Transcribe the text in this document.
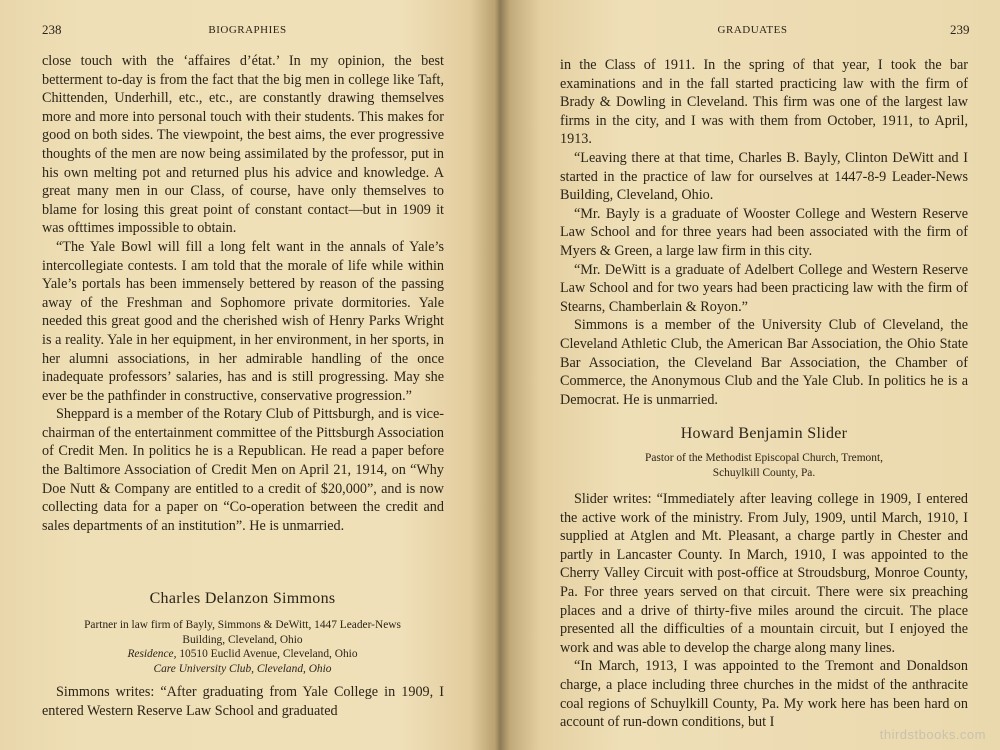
238	BIOGRAPHIES

close touch with the ‘affaires d’état.’ In my opinion, the best betterment to-day is from the fact that the big men in college like Taft, Chittenden, Underhill, etc., etc., are constantly drawing themselves more and more into personal touch with their students. This makes for good on both sides. The viewpoint, the best aims, the ever progressive thoughts of the men are now being assimilated by the professor, put in his own melting pot and returned plus his advice and knowledge. A great many men in our Class, of course, have only themselves to blame for losing this great point of constant contact—but in 1909 it was ofttimes impossible to obtain.

“The Yale Bowl will fill a long felt want in the annals of Yale’s intercollegiate contests. I am told that the morale of life while within Yale’s portals has been immensely bettered by reason of the passing away of the Freshman and Sophomore private dormitories. Yale needed this great good and the cherished wish of Henry Parks Wright is a reality. Yale in her equipment, in her environment, in her sports, in her alumni associations, in her admirable handling of the once inadequate professors’ salaries, has and is still progressing. May she ever be the pathfinder in constructive, conservative progression.”

Sheppard is a member of the Rotary Club of Pittsburgh, and is vice-chairman of the entertainment committee of the Pittsburgh Association of Credit Men. In politics he is a Republican. He read a paper before the Baltimore Association of Credit Men on April 21, 1914, on “Why Doe Nutt & Company are entitled to a credit of $20,000”, and is now collecting data for a paper on “Co-operation between the credit and sales departments of an institution”. He is unmarried.

Charles Delanzon Simmons

Partner in law firm of Bayly, Simmons & DeWitt, 1447 Leader-News

Building, Cleveland, Ohio

Residence, 10510 Euclid Avenue, Cleveland, Ohio

Care University Club, Cleveland, Ohio

Simmons writes: “After graduating from Yale College in 1909, I entered Western Reserve Law School and graduated

GRADUATES	239

in the Class of 1911. In the spring of that year, I took the bar examinations and in the fall started practicing law with the firm of Brady & Dowling in Cleveland. This firm was one of the largest law firms in the city, and I was with them from October, 1911, to April, 1913.

“Leaving there at that time, Charles B. Bayly, Clinton DeWitt and I started in the practice of law for ourselves at 1447-8-9 Leader-News Building, Cleveland, Ohio.

“Mr. Bayly is a graduate of Wooster College and Western Reserve Law School and for three years had been associated with the firm of Myers & Green, a large law firm in this city.

“Mr. DeWitt is a graduate of Adelbert College and Western Reserve Law School and for two years had been practicing law with the firm of Stearns, Chamberlain & Royon.”

Simmons is a member of the University Club of Cleveland, the Cleveland Athletic Club, the American Bar Association, the Ohio State Bar Association, the Cleveland Bar Association, the Chamber of Commerce, the Anonymous Club and the Yale Club. In politics he is a Democrat. He is unmarried.

Howard Benjamin Slider

Pastor of the Methodist Episcopal Church, Tremont,

Schuylkill County, Pa.

Slider writes: “Immediately after leaving college in 1909, I entered the active work of the ministry. From July, 1909, until March, 1910, I supplied at Atglen and Mt. Pleasant, a charge partly in Chester and partly in Lancaster County. In March, 1910, I was appointed to the Cherry Valley Circuit with post-office at Stroudsburg, Monroe County, Pa. For three years served on that circuit. There were six preaching places and a drive of thirty-five miles around the circuit. The place presented all the difficulties of a mountain circuit, but I enjoyed the work and was able to develop the charge along many lines.

“In March, 1913, I was appointed to the Tremont and Donaldson charge, a place including three churches in the midst of the anthracite coal regions of Schuylkill County, Pa. My work here has been hard on account of run-down conditions, but I

thirdstbooks.com
